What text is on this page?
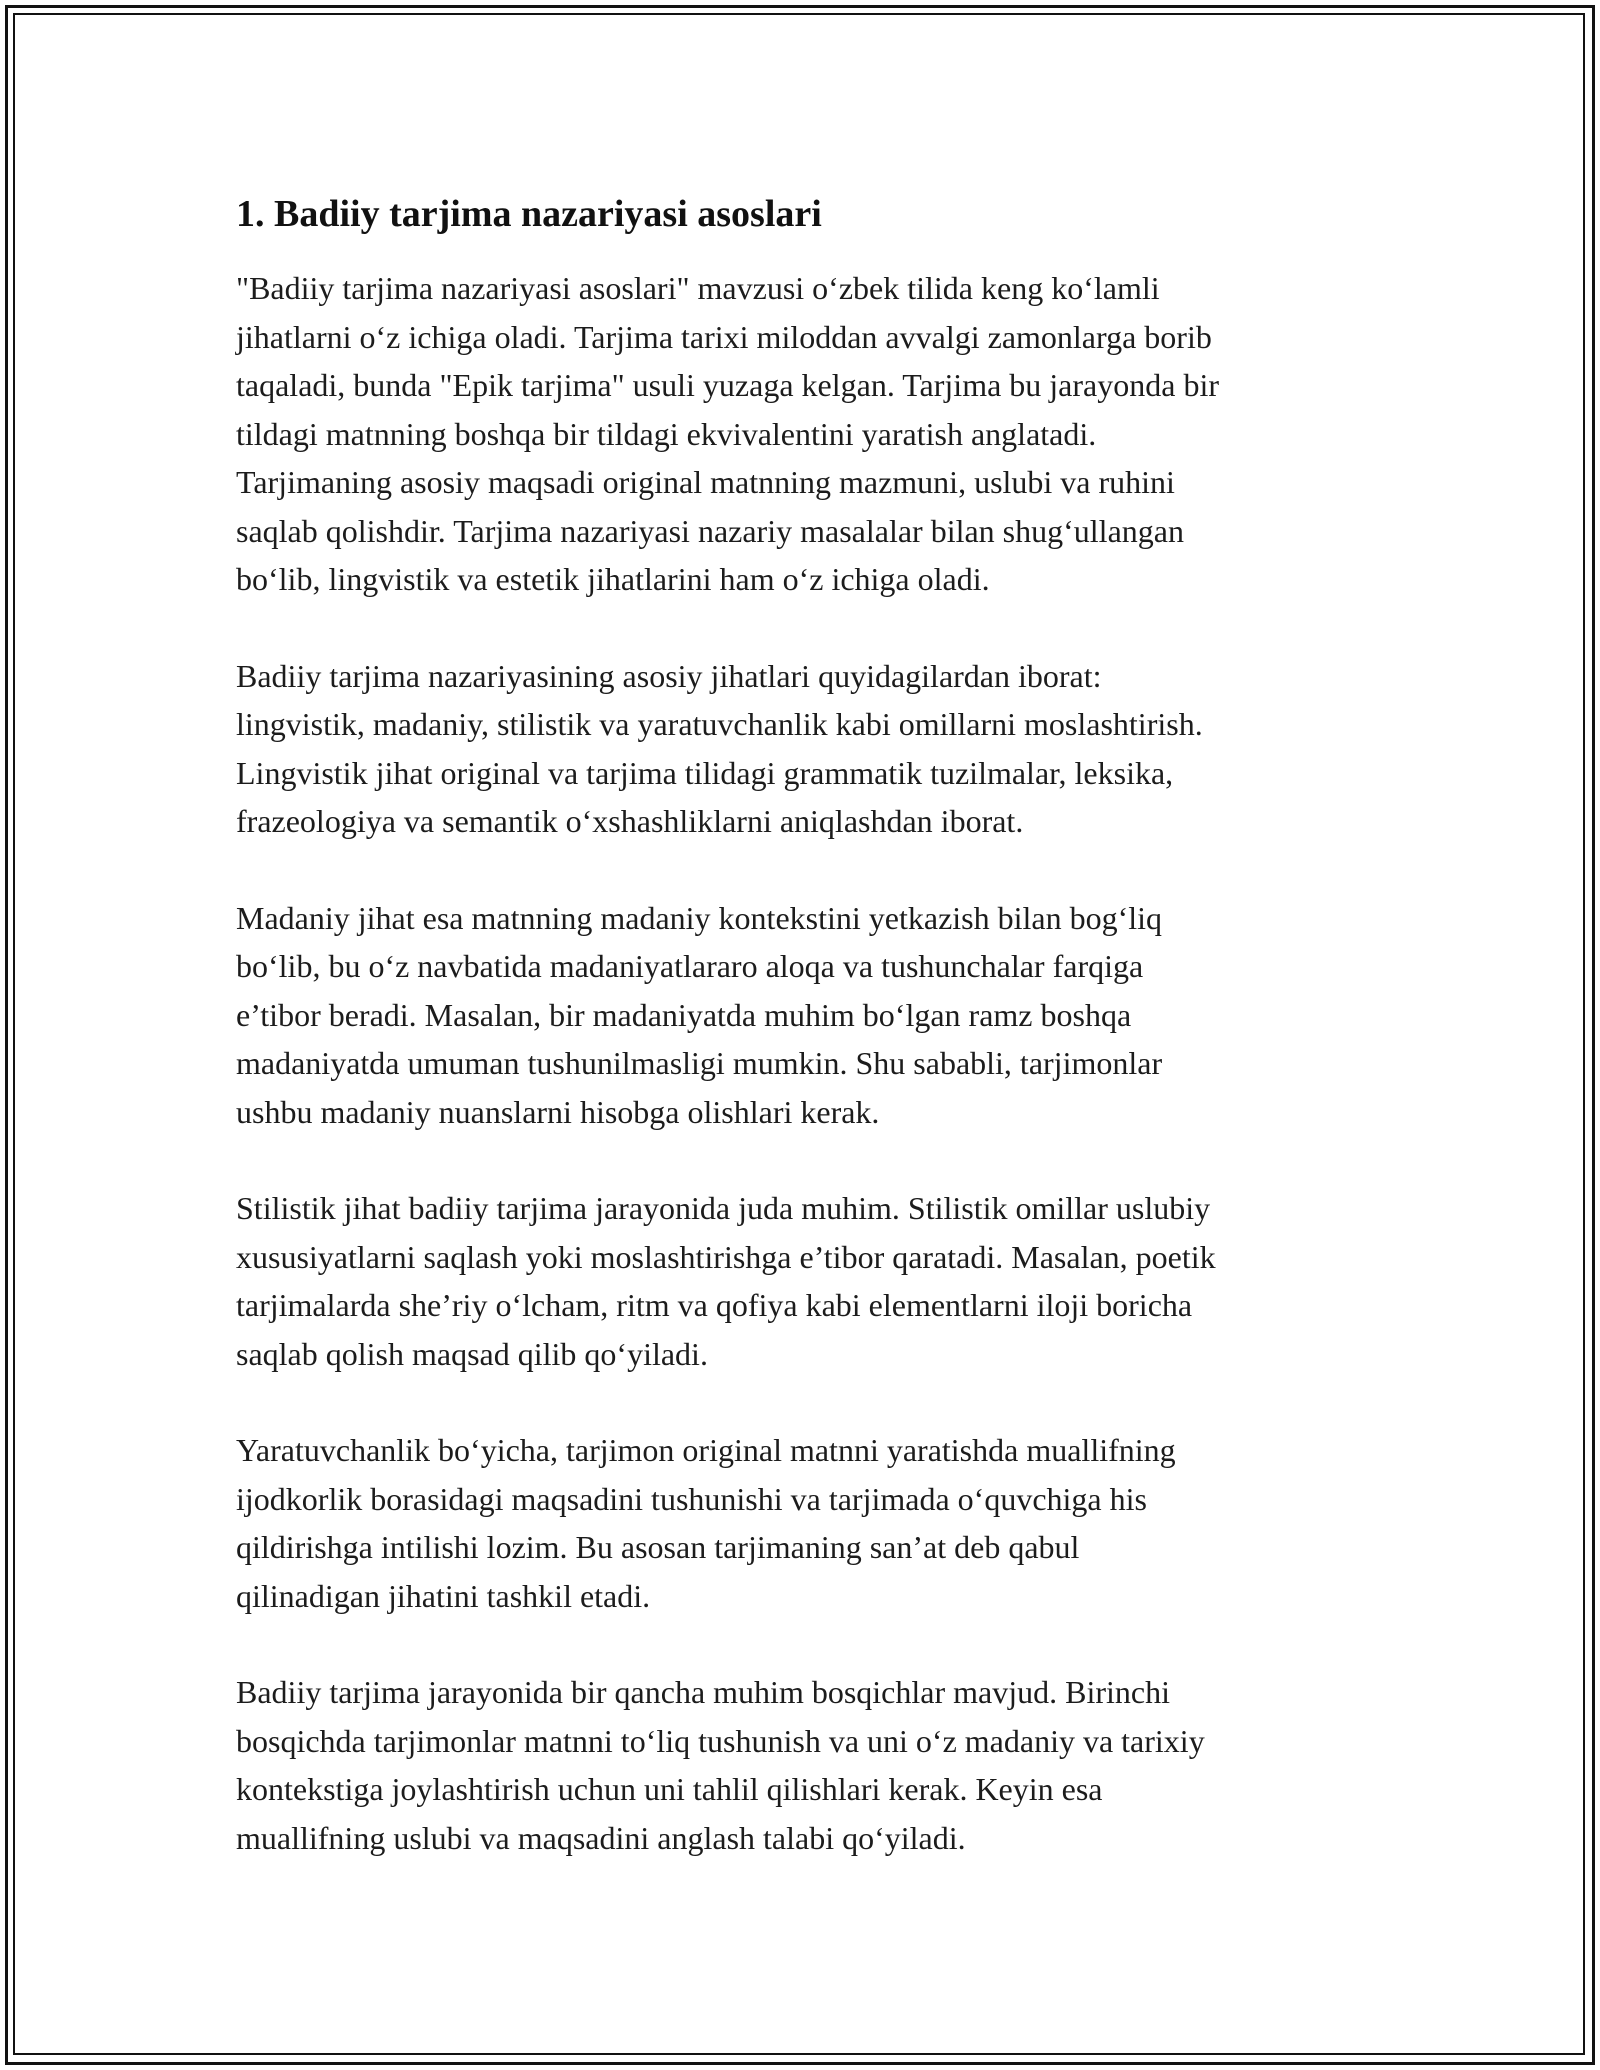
1. Badiiy tarjima nazariyasi asoslari

"Badiiy tarjima nazariyasi asoslari" mavzusi o‘zbek tilida keng ko‘lamli
jihatlarni o‘z ichiga oladi. Tarjima tarixi miloddan avvalgi zamonlarga borib
taqaladi, bunda "Epik tarjima" usuli yuzaga kelgan. Tarjima bu jarayonda bir
tildagi matnning boshqa bir tildagi ekvivalentini yaratish anglatadi.
Tarjimaning asosiy maqsadi original matnning mazmuni, uslubi va ruhini
saqlab qolishdir. Tarjima nazariyasi nazariy masalalar bilan shug‘ullangan
bo‘lib, lingvistik va estetik jihatlarini ham o‘z ichiga oladi.

Badiiy tarjima nazariyasining asosiy jihatlari quyidagilardan iborat:
lingvistik, madaniy, stilistik va yaratuvchanlik kabi omillarni moslashtirish.
Lingvistik jihat original va tarjima tilidagi grammatik tuzilmalar, leksika,
frazeologiya va semantik o‘xshashliklarni aniqlashdan iborat.

Madaniy jihat esa matnning madaniy kontekstini yetkazish bilan bog‘liq
bo‘lib, bu o‘z navbatida madaniyatlararo aloqa va tushunchalar farqiga
e’tibor beradi. Masalan, bir madaniyatda muhim bo‘lgan ramz boshqa
madaniyatda umuman tushunilmasligi mumkin. Shu sababli, tarjimonlar
ushbu madaniy nuanslarni hisobga olishlari kerak.

Stilistik jihat badiiy tarjima jarayonida juda muhim. Stilistik omillar uslubiy
xususiyatlarni saqlash yoki moslashtirishga e’tibor qaratadi. Masalan, poetik
tarjimalarda she’riy o‘lcham, ritm va qofiya kabi elementlarni iloji boricha
saqlab qolish maqsad qilib qo‘yiladi.

Yaratuvchanlik bo‘yicha, tarjimon original matnni yaratishda muallifning
ijodkorlik borasidagi maqsadini tushunishi va tarjimada o‘quvchiga his
qildirishga intilishi lozim. Bu asosan tarjimaning san’at deb qabul
qilinadigan jihatini tashkil etadi.

Badiiy tarjima jarayonida bir qancha muhim bosqichlar mavjud. Birinchi
bosqichda tarjimonlar matnni to‘liq tushunish va uni o‘z madaniy va tarixiy
kontekstiga joylashtirish uchun uni tahlil qilishlari kerak. Keyin esa
muallifning uslubi va maqsadini anglash talabi qo‘yiladi.
